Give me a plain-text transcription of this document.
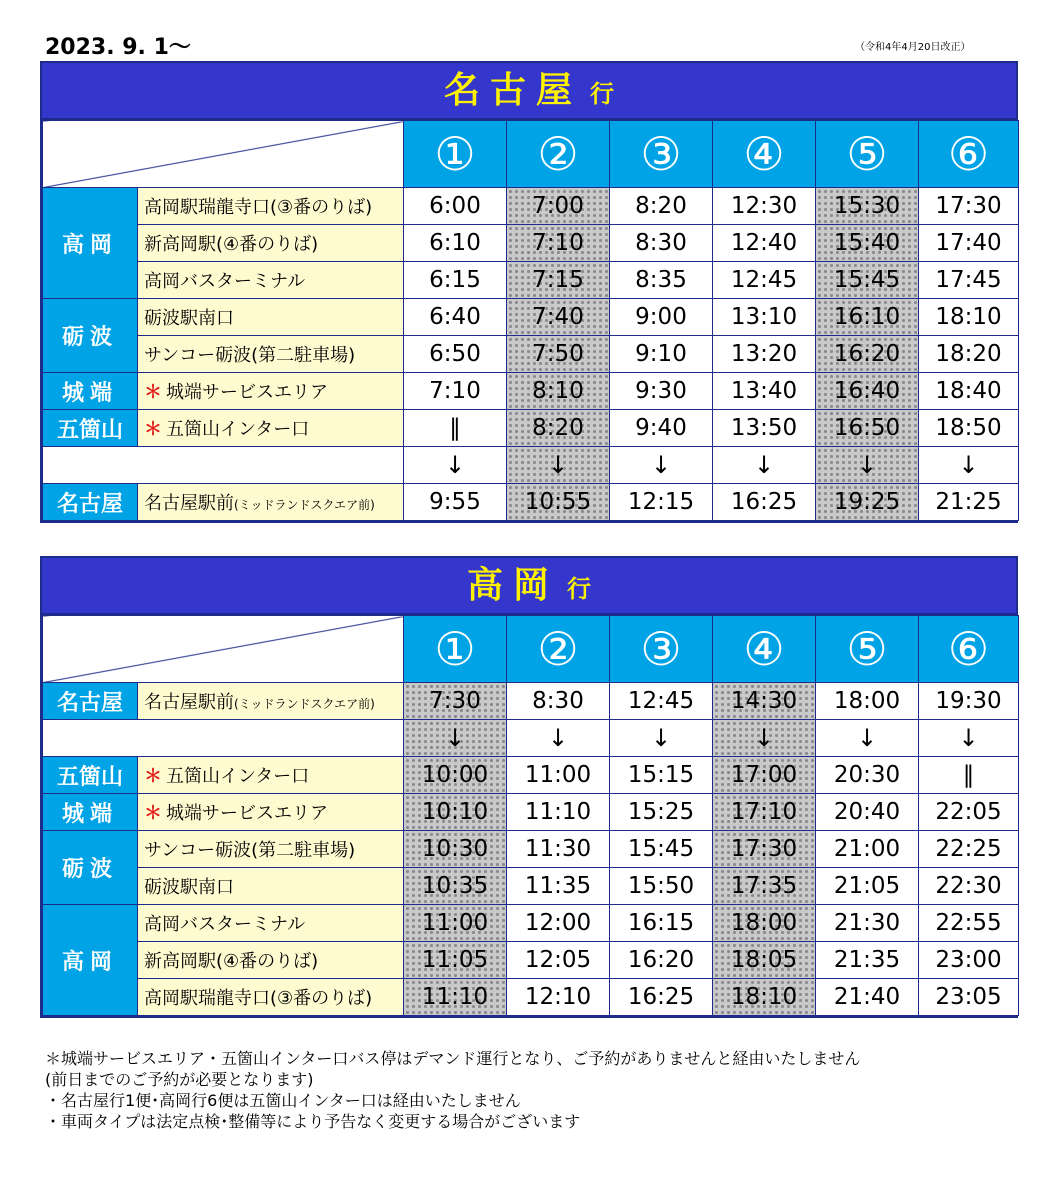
2023. 9. 1～	（令和4年4月20日改正）
名古屋 行
		①	②	③	④	⑤	⑥
高岡	高岡駅瑞龍寺口(③番のりば)	6:00	7:00	8:20	12:30	15:30	17:30
	新高岡駅(④番のりば)	6:10	7:10	8:30	12:40	15:40	17:40
	高岡バスターミナル	6:15	7:15	8:35	12:45	15:45	17:45
砺波	砺波駅南口	6:40	7:40	9:00	13:10	16:10	18:10
	サンコー砺波(第二駐車場)	6:50	7:50	9:10	13:20	16:20	18:20
城端	＊ 城端サービスエリア	7:10	8:10	9:30	13:40	16:40	18:40
五箇山	＊ 五箇山インター口	‖	8:20	9:40	13:50	16:50	18:50
		↓	↓	↓	↓	↓	↓
名古屋	名古屋駅前(ミッドランドスクエア前)	9:55	10:55	12:15	16:25	19:25	21:25
高岡 行
		①	②	③	④	⑤	⑥
名古屋	名古屋駅前(ミッドランドスクエア前)	7:30	8:30	12:45	14:30	18:00	19:30
		↓	↓	↓	↓	↓	↓
五箇山	＊ 五箇山インター口	10:00	11:00	15:15	17:00	20:30	‖
城端	＊ 城端サービスエリア	10:10	11:10	15:25	17:10	20:40	22:05
砺波	サンコー砺波(第二駐車場)	10:30	11:30	15:45	17:30	21:00	22:25
	砺波駅南口	10:35	11:35	15:50	17:35	21:05	22:30
高岡	高岡バスターミナル	11:00	12:00	16:15	18:00	21:30	22:55
	新高岡駅(④番のりば)	11:05	12:05	16:20	18:05	21:35	23:00
	高岡駅瑞龍寺口(③番のりば)	11:10	12:10	16:25	18:10	21:40	23:05
＊城端サービスエリア・五箇山インター口バス停はデマンド運行となり、ご予約がありませんと経由いたしません
(前日までのご予約が必要となります)
・名古屋行1便･高岡行6便は五箇山インター口は経由いたしません
・車両タイプは法定点検･整備等により予告なく変更する場合がございます
